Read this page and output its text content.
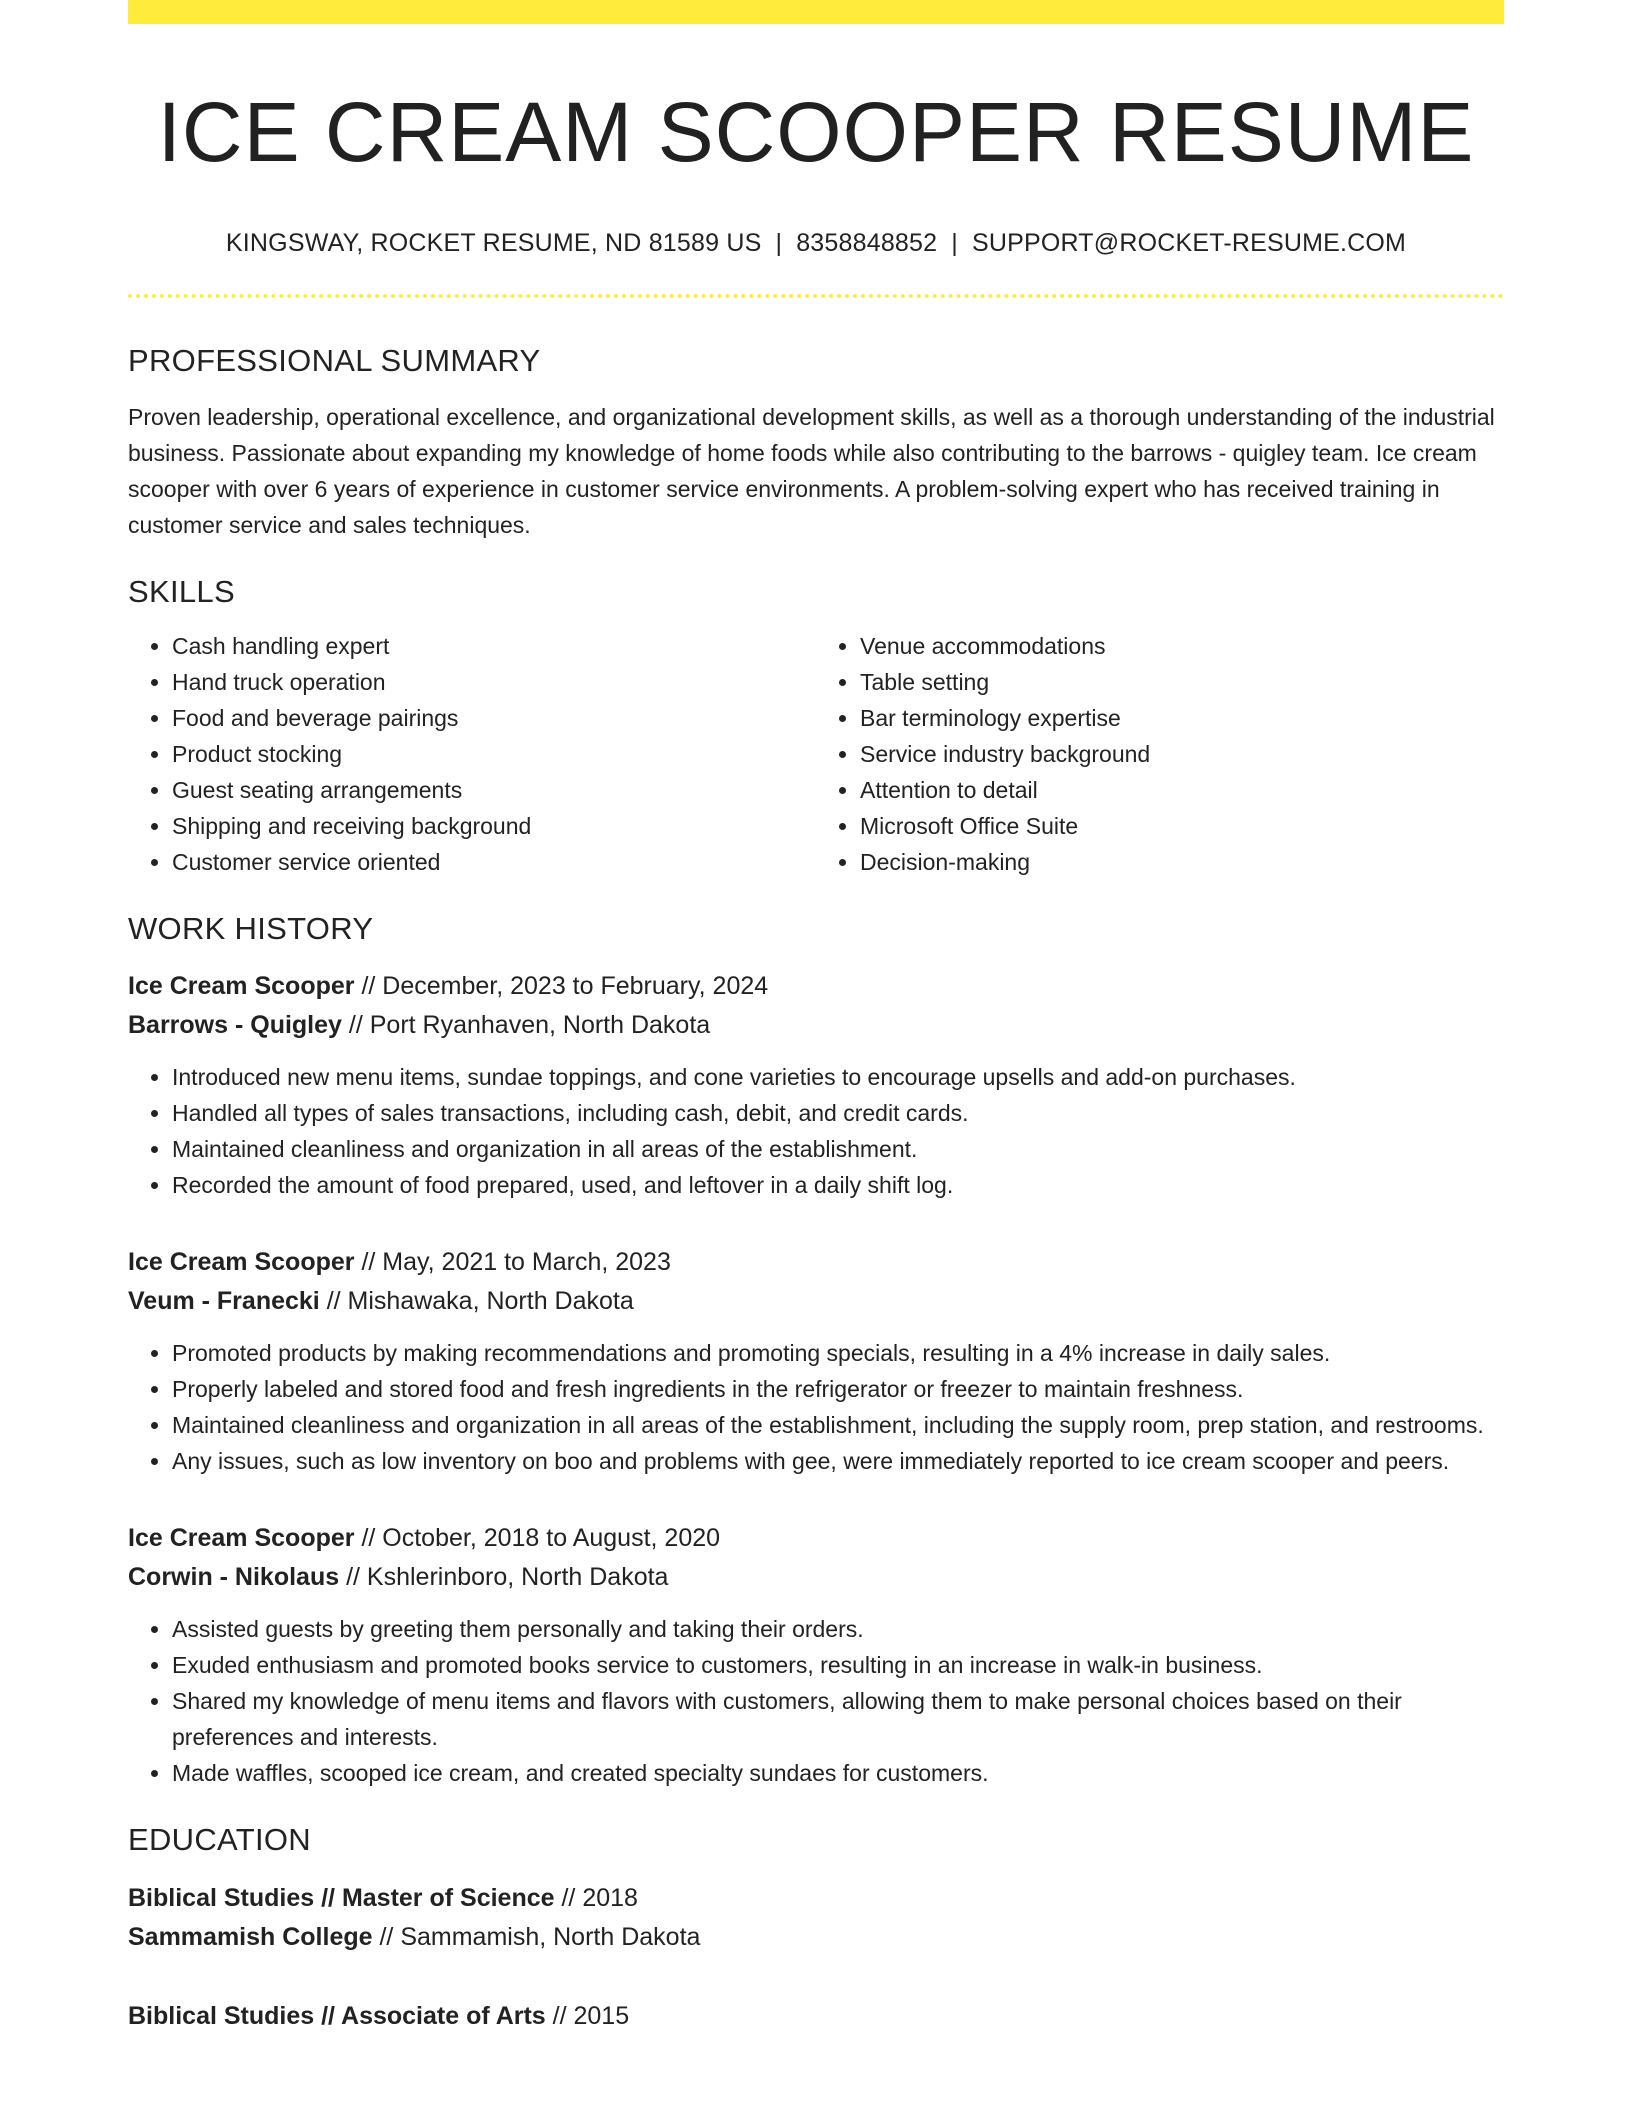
ICE CREAM SCOOPER RESUME
KINGSWAY, ROCKET RESUME, ND 81589 US | 8358848852 | SUPPORT@ROCKET-RESUME.COM
PROFESSIONAL SUMMARY

Proven leadership, operational excellence, and organizational development skills, as well as a thorough understanding of the industrial business. Passionate about expanding my knowledge of home foods while also contributing to the barrows - quigley team. Ice cream scooper with over 6 years of experience in customer service environments. A problem-solving expert who has received training in customer service and sales techniques.

SKILLS
• Cash handling expert
• Hand truck operation
• Food and beverage pairings
• Product stocking
• Guest seating arrangements
• Shipping and receiving background
• Customer service oriented
• Venue accommodations
• Table setting
• Bar terminology expertise
• Service industry background
• Attention to detail
• Microsoft Office Suite
• Decision-making
WORK HISTORY
Ice Cream Scooper // December, 2023 to February, 2024
Barrows - Quigley // Port Ryanhaven, North Dakota
• Introduced new menu items, sundae toppings, and cone varieties to encourage upsells and add-on purchases.
• Handled all types of sales transactions, including cash, debit, and credit cards.
• Maintained cleanliness and organization in all areas of the establishment.
• Recorded the amount of food prepared, used, and leftover in a daily shift log.
Ice Cream Scooper // May, 2021 to March, 2023
Veum - Franecki // Mishawaka, North Dakota
• Promoted products by making recommendations and promoting specials, resulting in a 4% increase in daily sales.
• Properly labeled and stored food and fresh ingredients in the refrigerator or freezer to maintain freshness.
• Maintained cleanliness and organization in all areas of the establishment, including the supply room, prep station, and restrooms.
• Any issues, such as low inventory on boo and problems with gee, were immediately reported to ice cream scooper and peers.
Ice Cream Scooper // October, 2018 to August, 2020
Corwin - Nikolaus // Kshlerinboro, North Dakota
• Assisted guests by greeting them personally and taking their orders.
• Exuded enthusiasm and promoted books service to customers, resulting in an increase in walk-in business.
• Shared my knowledge of menu items and flavors with customers, allowing them to make personal choices based on their preferences and interests.
• Made waffles, scooped ice cream, and created specialty sundaes for customers.
EDUCATION
Biblical Studies // Master of Science // 2018
Sammamish College // Sammamish, North Dakota
Biblical Studies // Associate of Arts // 2015
